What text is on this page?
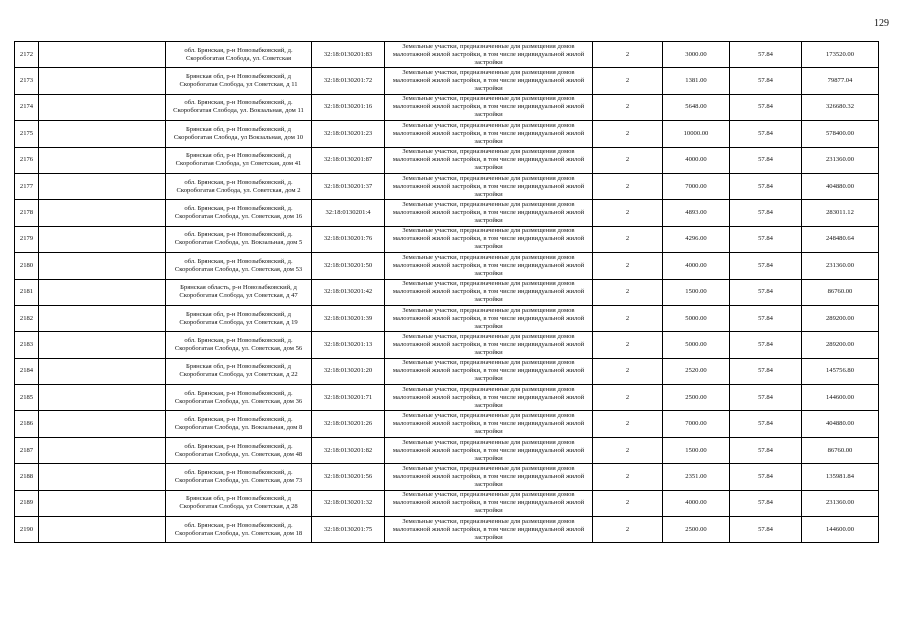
129
2172		обл. Брянская, р-н Новозыбковский, д. Скоробогатая Слобода, ул. Советская	32:18:0130201:83	Земельные участки, предназначенные для размещения домов малоэтажной жилой застройки, в том числе индивидуальной жилой застройки	2	3000.00	57.84	173520.00
2173		Брянская обл, р-н Новозыбковский, д Скоробогатая Слобода, ул Советская, д 11	32:18:0130201:72	Земельные участки, предназначенные для размещения домов малоэтажной жилой застройки, в том числе индивидуальной жилой застройки	2	1381.00	57.84	79877.04
2174		обл. Брянская, р-н Новозыбковский, д. Скоробогатая Слобода, ул. Вокзальная, дом 11	32:18:0130201:16	Земельные участки, предназначенные для размещения домов малоэтажной жилой застройки, в том числе индивидуальной жилой застройки	2	5648.00	57.84	326680.32
2175		Брянская обл, р-н Новозыбковский, д Скоробогатая Слобода, ул Вокзальная, дом 10	32:18:0130201:23	Земельные участки, предназначенные для размещения домов малоэтажной жилой застройки, в том числе индивидуальной жилой застройки	2	10000.00	57.84	578400.00
2176		Брянская обл, р-н Новозыбковский, д Скоробогатая Слобода, ул Советская, дом 41	32:18:0130201:87	Земельные участки, предназначенные для размещения домов малоэтажной жилой застройки, в том числе индивидуальной жилой застройки	2	4000.00	57.84	231360.00
2177		обл. Брянская, р-н Новозыбковский, д. Скоробогатая Слобода, ул. Советская, дом 2	32:18:0130201:37	Земельные участки, предназначенные для размещения домов малоэтажной жилой застройки, в том числе индивидуальной жилой застройки	2	7000.00	57.84	404880.00
2178		обл. Брянская, р-н Новозыбковский, д. Скоробогатая Слобода, ул. Советская, дом 16	32:18:0130201:4	Земельные участки, предназначенные для размещения домов малоэтажной жилой застройки, в том числе индивидуальной жилой застройки	2	4893.00	57.84	283011.12
2179		обл. Брянская, р-н Новозыбковский, д. Скоробогатая Слобода, ул. Вокзальная, дом 5	32:18:0130201:76	Земельные участки, предназначенные для размещения домов малоэтажной жилой застройки, в том числе индивидуальной жилой застройки	2	4296.00	57.84	248480.64
2180		обл. Брянская, р-н Новозыбковский, д. Скоробогатая Слобода, ул. Советская, дом 53	32:18:0130201:50	Земельные участки, предназначенные для размещения домов малоэтажной жилой застройки, в том числе индивидуальной жилой застройки	2	4000.00	57.84	231360.00
2181		Брянская область, р-н Новозыбковский, д Скоробогатая Слобода, ул Советская, д 47	32:18:0130201:42	Земельные участки, предназначенные для размещения домов малоэтажной жилой застройки, в том числе индивидуальной жилой застройки	2	1500.00	57.84	86760.00
2182		Брянская обл, р-н Новозыбковский, д Скоробогатая Слобода, ул Советская, д 19	32:18:0130201:39	Земельные участки, предназначенные для размещения домов малоэтажной жилой застройки, в том числе индивидуальной жилой застройки	2	5000.00	57.84	289200.00
2183		обл. Брянская, р-н Новозыбковский, д. Скоробогатая Слобода, ул. Советская, дом 56	32:18:0130201:13	Земельные участки, предназначенные для размещения домов малоэтажной жилой застройки, в том числе индивидуальной жилой застройки	2	5000.00	57.84	289200.00
2184		Брянская обл, р-н Новозыбковский, д Скоробогатая Слобода, ул Советская, д 22	32:18:0130201:20	Земельные участки, предназначенные для размещения домов малоэтажной жилой застройки, в том числе индивидуальной жилой застройки	2	2520.00	57.84	145756.80
2185		обл. Брянская, р-н Новозыбковский, д. Скоробогатая Слобода, ул. Советская, дом 36	32:18:0130201:71	Земельные участки, предназначенные для размещения домов малоэтажной жилой застройки, в том числе индивидуальной жилой застройки	2	2500.00	57.84	144600.00
2186		обл. Брянская, р-н Новозыбковский, д. Скоробогатая Слобода, ул. Вокзальная, дом 8	32:18:0130201:26	Земельные участки, предназначенные для размещения домов малоэтажной жилой застройки, в том числе индивидуальной жилой застройки	2	7000.00	57.84	404880.00
2187		обл. Брянская, р-н Новозыбковский, д. Скоробогатая Слобода, ул. Советская, дом 48	32:18:0130201:82	Земельные участки, предназначенные для размещения домов малоэтажной жилой застройки, в том числе индивидуальной жилой застройки	2	1500.00	57.84	86760.00
2188		обл. Брянская, р-н Новозыбковский, д. Скоробогатая Слобода, ул. Советская, дом 73	32:18:0130201:56	Земельные участки, предназначенные для размещения домов малоэтажной жилой застройки, в том числе индивидуальной жилой застройки	2	2351.00	57.84	135981.84
2189		Брянская обл, р-н Новозыбковский, д Скоробогатая Слобода, ул Советская, д 28	32:18:0130201:32	Земельные участки, предназначенные для размещения домов малоэтажной жилой застройки, в том числе индивидуальной жилой застройки	2	4000.00	57.84	231360.00
2190		обл. Брянская, р-н Новозыбковский, д. Скоробогатая Слобода, ул. Советская, дом 18	32:18:0130201:75	Земельные участки, предназначенные для размещения домов малоэтажной жилой застройки, в том числе индивидуальной жилой застройки	2	2500.00	57.84	144600.00
